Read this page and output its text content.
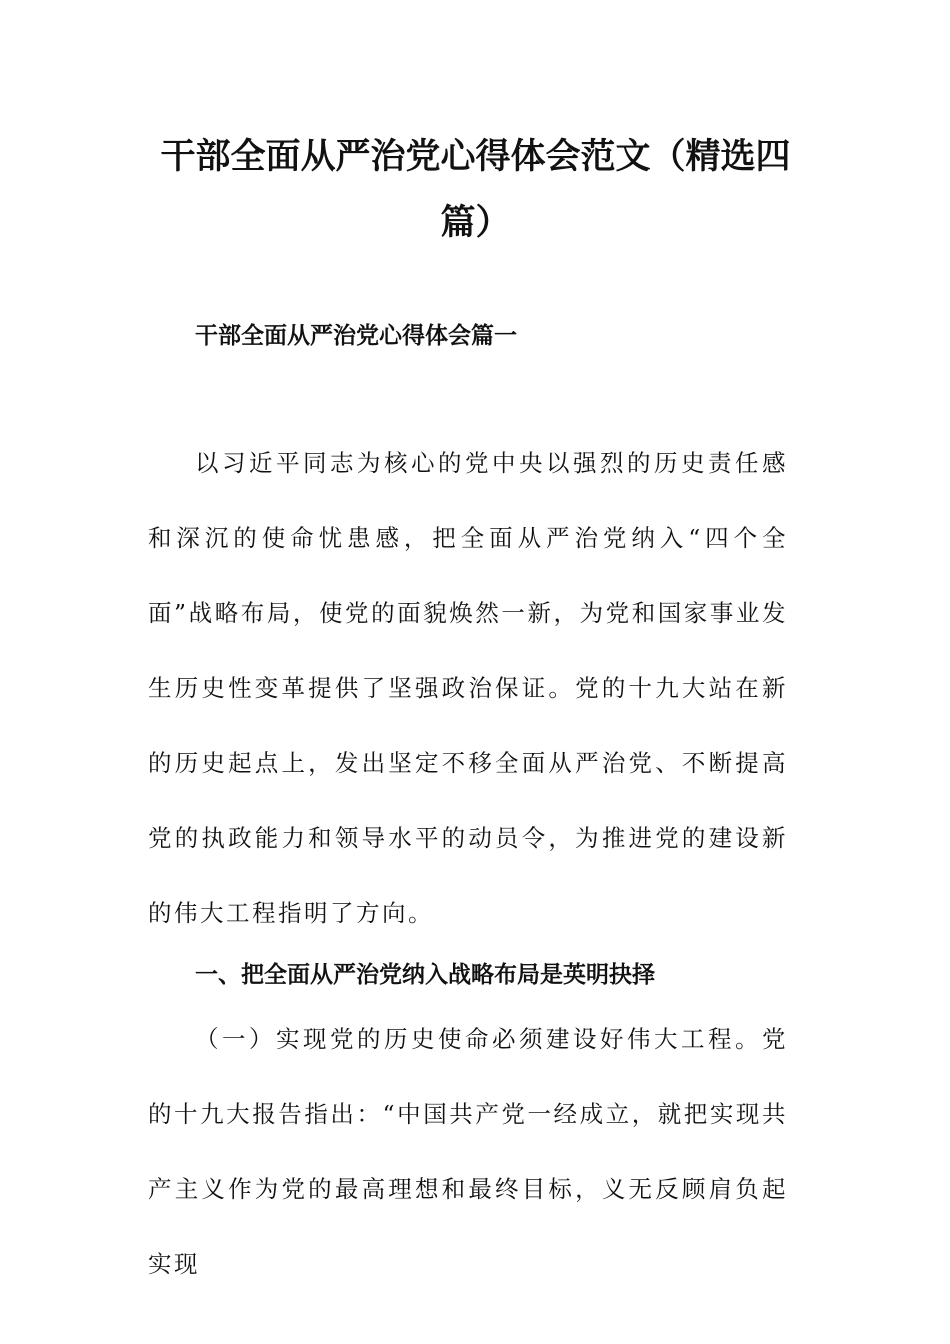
干部全面从严治党心得体会范文（精选四篇）
干部全面从严治党心得体会篇一

以习近平同志为核心的党中央以强烈的历史责任感和深沉的使命忧患感，把全面从严治党纳入“四个全面”战略布局，使党的面貌焕然一新，为党和国家事业发生历史性变革提供了坚强政治保证。党的十九大站在新的历史起点上，发出坚定不移全面从严治党、不断提高党的执政能力和领导水平的动员令，为推进党的建设新的伟大工程指明了方向。

一、把全面从严治党纳入战略布局是英明抉择

（一）实现党的历史使命必须建设好伟大工程。党的十九大报告指出：“中国共产党一经成立，就把实现共产主义作为党的最高理想和最终目标，义无反顾肩负起实现
